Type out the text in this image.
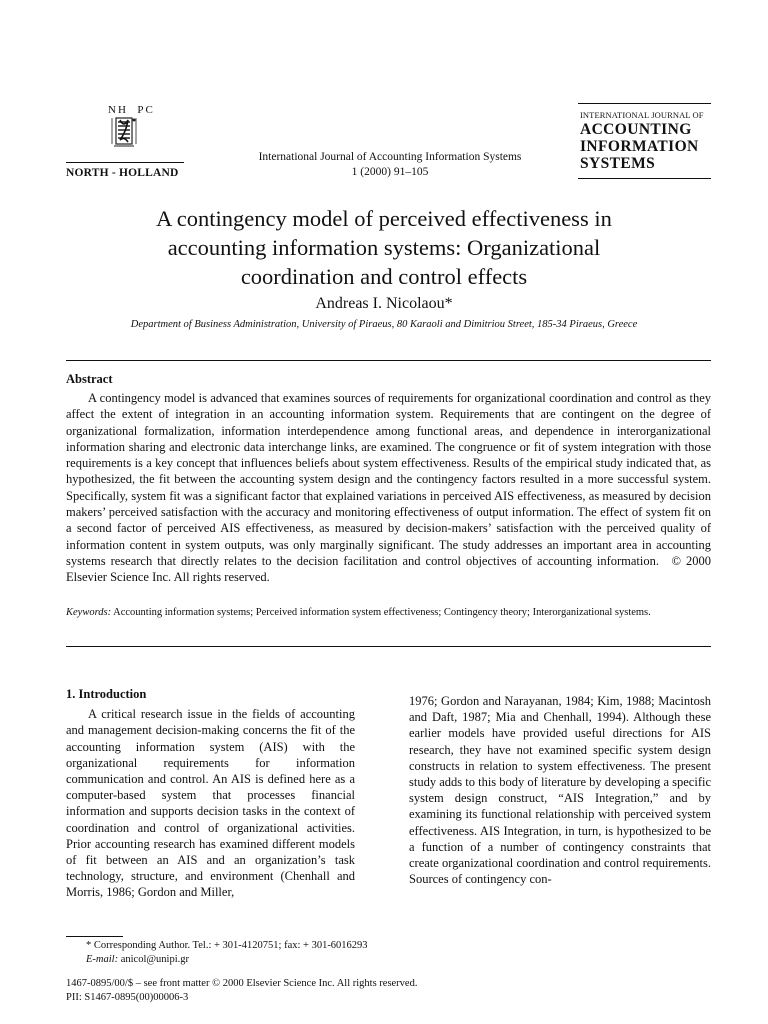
NH  PC
NORTH - HOLLAND
International Journal of Accounting Information Systems
1 (2000) 91–105
INTERNATIONAL JOURNAL OF
ACCOUNTING
INFORMATION
SYSTEMS
A contingency model of perceived effectiveness in
accounting information systems: Organizational
coordination and control effects
Andreas I. Nicolaou*
Department of Business Administration, University of Piraeus, 80 Karaoli and Dimitriou Street, 185-34 Piraeus, Greece
Abstract
A contingency model is advanced that examines sources of requirements for organizational coordination and control as they affect the extent of integration in an accounting information system. Requirements that are contingent on the degree of organizational formalization, information interdependence among functional areas, and dependence in interorganizational information sharing and electronic data interchange links, are examined. The congruence or fit of system integration with those requirements is a key concept that influences beliefs about system effectiveness. Results of the empirical study indicated that, as hypothesized, the fit between the accounting system design and the contingency factors resulted in a more successful system. Specifically, system fit was a significant factor that explained variations in perceived AIS effectiveness, as measured by decision makers’ perceived satisfaction with the accuracy and monitoring effectiveness of output information. The effect of system fit on a second factor of perceived AIS effectiveness, as measured by decision-makers’ satisfaction with the perceived quality of information content in system outputs, was only marginally significant. The study addresses an important area in accounting systems research that directly relates to the decision facilitation and control objectives of accounting information. © 2000 Elsevier Science Inc. All rights reserved.
Keywords: Accounting information systems; Perceived information system effectiveness; Contingency theory; Interorganizational systems.
1. Introduction
A critical research issue in the fields of accounting and management decision-making concerns the fit of the accounting information system (AIS) with the organizational requirements for information communication and control. An AIS is defined here as a computer-based system that processes financial information and supports decision tasks in the context of coordination and control of organizational activities. Prior accounting research has examined different models of fit between an AIS and an organization’s task technology, structure, and environment (Chenhall and Morris, 1986; Gordon and Miller,
1976; Gordon and Narayanan, 1984; Kim, 1988; Macintosh and Daft, 1987; Mia and Chenhall, 1994). Although these earlier models have provided useful directions for AIS research, they have not examined specific system design constructs in relation to system effectiveness. The present study adds to this body of literature by developing a specific system design construct, “AIS Integration,” and by examining its functional relationship with perceived system effectiveness. AIS Integration, in turn, is hypothesized to be a function of a number of contingency constraints that create organizational coordination and control requirements. Sources of contingency con-
* Corresponding Author. Tel.: + 301-4120751; fax: + 301-6016293
E-mail: anicol@unipi.gr
1467-0895/00/$ – see front matter © 2000 Elsevier Science Inc. All rights reserved.
PII: S1467-0895(00)00006-3
